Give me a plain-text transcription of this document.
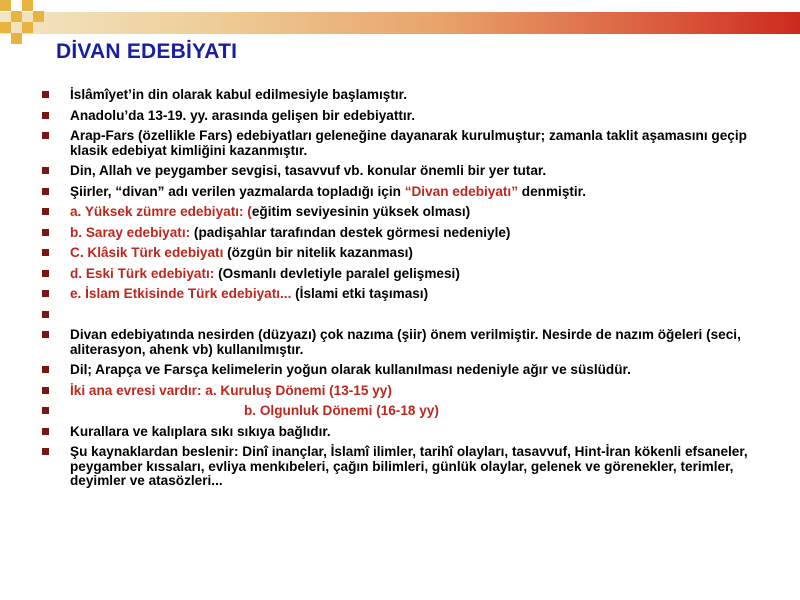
DİVAN EDEBİYATI
İslâmîyet’in din olarak kabul edilmesiyle başlamıştır.
Anadolu’da 13-19. yy. arasında gelişen bir edebiyattır.
Arap-Fars (özellikle Fars) edebiyatları geleneğine dayanarak kurulmuştur; zamanla taklit aşamasını geçip klasik edebiyat kimliğini kazanmıştır.
Din, Allah ve peygamber sevgisi, tasavvuf vb. konular önemli bir yer tutar.
Şiirler, “divan” adı verilen yazmalarda topladığı için “Divan edebiyatı” denmiştir.
a. Yüksek zümre edebiyatı: (eğitim seviyesinin yüksek olması)
b. Saray edebiyatı: (padişahlar tarafından destek görmesi nedeniyle)
C. Klâsik Türk edebiyatı (özgün bir nitelik kazanması)
d. Eski Türk edebiyatı: (Osmanlı devletiyle paralel gelişmesi)
e. İslam Etkisinde Türk edebiyatı... (İslami etki taşıması)

Divan edebiyatında nesirden (düzyazı) çok nazıma (şiir) önem verilmiştir. Nesirde de nazım öğeleri (seci, aliterasyon, ahenk vb) kullanılmıştır.
Dil; Arapça ve Farsça kelimelerin yoğun olarak kullanılması nedeniyle ağır ve süslüdür.
İki ana evresi vardır: a. Kuruluş Dönemi (13-15 yy)
b. Olgunluk Dönemi (16-18 yy)
Kurallara ve kalıplara sıkı sıkıya bağlıdır.
Şu kaynaklardan beslenir: Dinî inançlar, İslamî ilimler, tarihî olayları, tasavvuf, Hint-İran kökenli efsaneler, peygamber kıssaları, evliya menkıbeleri, çağın bilimleri, günlük olaylar, gelenek ve görenekler, terimler, deyimler ve atasözleri...
